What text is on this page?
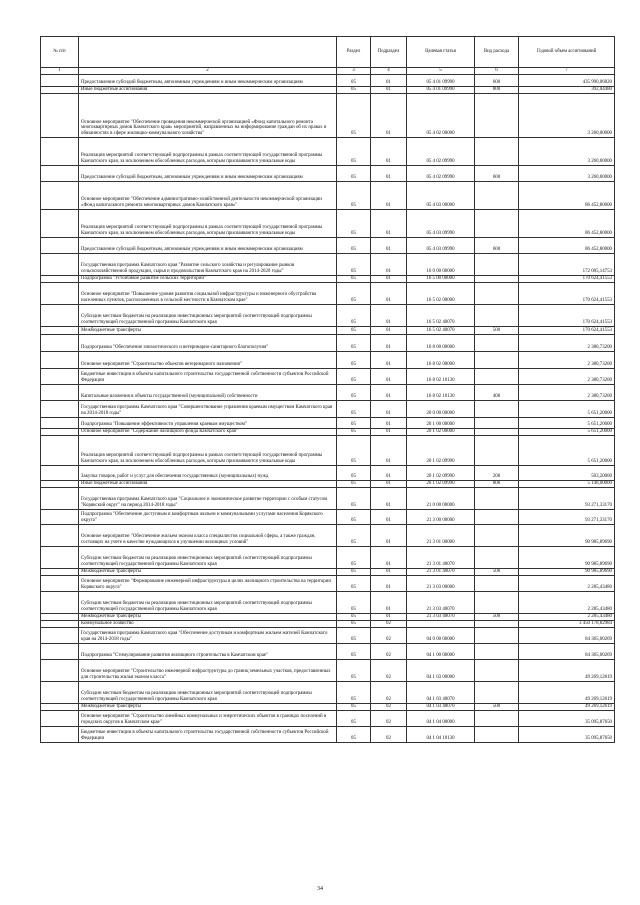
№ п/п		Раздел	Подраздел	Целевая статья	Вид расхода	Годовой объем ассигнований
1	2	3	4	5	6	7
	Предоставление субсидий бюджетным, автономным учреждениям и иным некоммерческим организациям	05	01	05 4 01 09990	600	435 990,06820
	Иные бюджетные ассигнования	05	01	05 4 01 09990	800	392,04480
	Основное мероприятие "Обеспечение проведения некоммерческой организацией «Фонд капитального ремонта многоквартирных домов Камчатского края» мероприятий, направленных на информирование граждан об их правах и обязанностях в сфере жилищно-коммунального хозяйства"	05	01	05 4 02 00000		3 260,00000
	Реализация мероприятий соответствующей подпрограммы в рамках соответствующей государственной программы Камчатского края, за исключением обособленных расходов, которым присваиваются уникальные коды	05	01	05 4 02 09990		3 260,00000
	Предоставление субсидий бюджетным, автономным учреждениям и иным некоммерческим организациям	05	01	05 4 02 09990	600	3 260,00000
	Основное мероприятие "Обеспечение административно-хозяйственной деятельности некоммерческой организации «Фонд капитального ремонта многоквартирных домов Камчатского края»"	05	01	05 4 03 00000		86 452,80000
	Реализация мероприятий соответствующей подпрограммы в рамках соответствующей государственной программы Камчатского края, за исключением обособленных расходов, которым присваиваются уникальные коды	05	01	05 4 03 09990		86 452,80000
	Предоставление субсидий бюджетным, автономным учреждениям и иным некоммерческим организациям	05	01	05 4 03 09990	600	86 452,80000
	Государственная программа Камчатского края "Развитие сельского хозяйства и регулирование рынков сельскохозяйственной продукции, сырья и продовольствия Камчатского края на 2014-2020 годы"	05	01	16 0 00 00000		172 005,14753
	Подпрограмма "Устойчивое развитие сельских территорий"	05	01	16 5 00 00000		170 624,41553
	Основное мероприятие "Повышение уровня развития социальной инфраструктуры и инженерного обустройства населенных пунктов, расположенных в сельской местности в Камчатском крае"	05	01	16 5 02 00000		170 624,41553
	Субсидии местным бюджетам на реализацию инвестиционных мероприятий соответствующей подпрограммы соответствующей государственной программы Камчатского края	05	01	16 5 02 40070		170 624,41553
	Межбюджетные трансферты	05	01	16 5 02 40070	500	170 624,41553
	Подпрограмма "Обеспечение эпизоотического и ветеринарно-санитарного благополучия"	05	01	16 8 00 00000		2 380,73200
	Основное мероприятие "Строительство объектов ветеринарного назначения"	05	01	16 8 02 00000		2 380,73200
	Бюджетные инвестиции в объекты капитального строительства государственной собственности субъектов Российской Федерации	05	01	16 8 02 10130		2 380,73200
	Капитальные вложения в объекты государственной (муниципальной) собственности	05	01	16 8 02 10130	400	2 380,73200
	Государственная программа Камчатского края "Совершенствование управления краевым имуществом Камчатского края на 2014-2018 годы"	05	01	20 0 00 00000		5 651,20000
	Подпрограмма "Повышение эффективности управления краевым имуществом"	05	01	20 1 00 00000		5 651,20000
	Основное мероприятие "Содержание жилищного фонда Камчатского края"	05	01	20 1 02 00000		5 651,20000
	Реализация мероприятий соответствующей подпрограммы в рамках соответствующей государственной программы Камчатского края, за исключением обособленных расходов, которым присваиваются уникальные коды	05	01	20 1 02 09990		5 651,20000
	Закупка товаров, работ и услуг для обеспечения государственных (муниципальных) нужд	05	01	20 1 02 09990	200	503,20000
	Иные бюджетные ассигнования	05	01	20 1 02 09990	800	5 148,00000
	Государственная программа Камчатского края "Социальное и экономическое развитие территории с особым статусом "Корякский округ" на период 2014-2018 годы"	05	01	21 0 00 00000		93 271,33170
	Подпрограмма "Обеспечение доступным и комфортным жильем и коммунальными услугами населения Корякского округа"	05	01	21 3 00 00000		93 271,33170
	Основное мероприятие "Обеспечение жильем эконом класса специалистов социальной сферы, а также граждан, состоящих на учете в качестве нуждающихся в улучшении жилищных условий"	05	01	21 3 01 00000		90 985,89690
	Субсидии местным бюджетам на реализацию инвестиционных мероприятий соответствующей подпрограммы соответствующей государственной программы Камчатского края	05	01	21 3 01 40070		90 985,89690
	Межбюджетные трансферты	05	01	21 3 01 40070	500	90 985,89690
	Основное мероприятие "Формирование инженерной инфраструктуры в целях жилищного строительства на территории Корякского округа"	05	01	21 3 03 00000		2 285,43480
	Субсидии местным бюджетам на реализацию инвестиционных мероприятий соответствующей подпрограммы соответствующей государственной программы Камчатского края	05	01	21 3 03 40070		2 285,43480
	Межбюджетные трансферты	05	01	21 3 03 40070	500	2 285,43480
	Коммунальное хозяйство	05	02			3 450 178,82984
	Государственная программа Камчатского края "Обеспечение доступным и комфортным жильем жителей Камчатского края на 2014-2018 годы"	05	02	04 0 00 00000		84 365,00269
	Подпрограмма "Стимулирование развития жилищного строительства в Камчатском крае"	05	02	04 1 00 00000		84 365,00269
	Основное мероприятие "Строительство инженерной инфраструктуры до границ земельных участков, предоставленных для строительства жилья эконом класса"	05	02	04 1 03 00000		49 269,12619
	Субсидии местным бюджетам на реализацию инвестиционных мероприятий соответствующей подпрограммы соответствующей государственной программы Камчатского края	05	02	04 1 03 40070		49 269,12619
	Межбюджетные трансферты	05	02	04 1 03 40070	500	49 269,12619
	Основное мероприятие "Строительство линейных коммунальных и энергетических объектов в границах поселений и городских округов в Камчатском крае"	05	02	04 1 04 00000		35 095,87650
	Бюджетные инвестиции в объекты капитального строительства государственной собственности субъектов Российской Федерации	05	02	04 1 04 10130		35 095,87650
34
